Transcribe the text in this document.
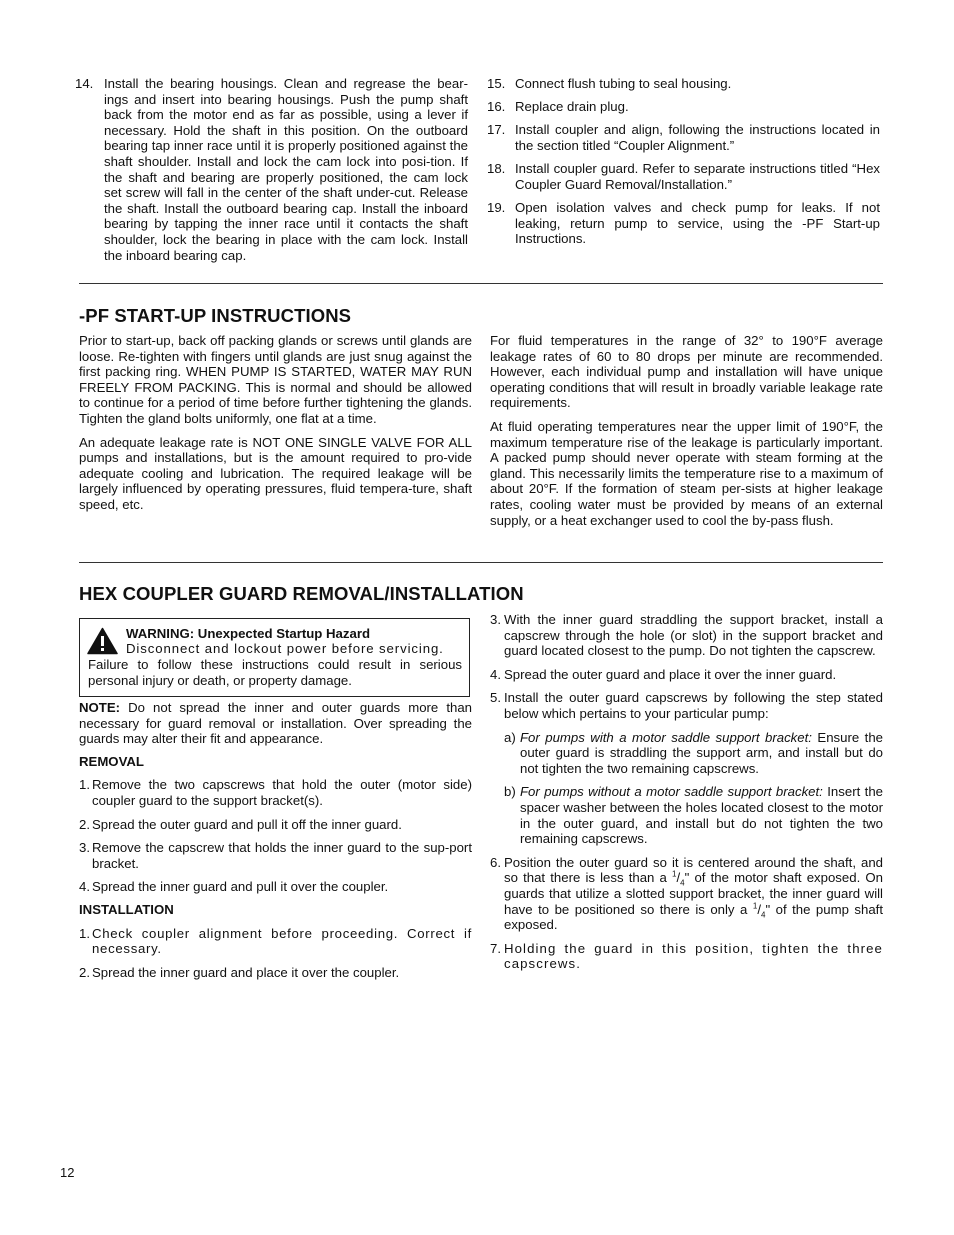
14. Install the bearing housings. Clean and regrease the bear-ings and insert into bearing housings. Push the pump shaft back from the motor end as far as possible, using a lever if necessary. Hold the shaft in this position. On the outboard bearing tap inner race until it is properly positioned against the shaft shoulder. Install and lock the cam lock into posi-tion. If the shaft and bearing are properly positioned, the cam lock set screw will fall in the center of the shaft under-cut. Release the shaft. Install the outboard bearing cap. Install the inboard bearing by tapping the inner race until it contacts the shaft shoulder, lock the bearing in place with the cam lock. Install the inboard bearing cap.

15. Connect flush tubing to seal housing.

16. Replace drain plug.

17. Install coupler and align, following the instructions located in the section titled “Coupler Alignment.”

18. Install coupler guard. Refer to separate instructions titled “Hex Coupler Guard Removal/Installation.”

19. Open isolation valves and check pump for leaks. If not leaking, return pump to service, using the -PF Start-up Instructions.

-PF START-UP INSTRUCTIONS

Prior to start-up, back off packing glands or screws until glands are loose. Re-tighten with fingers until glands are just snug against the first packing ring. WHEN PUMP IS STARTED, WATER MAY RUN FREELY FROM PACKING. This is normal and should be allowed to continue for a period of time before further tightening the glands. Tighten the gland bolts uniformly, one flat at a time.

An adequate leakage rate is NOT ONE SINGLE VALVE FOR ALL pumps and installations, but is the amount required to pro-vide adequate cooling and lubrication. The required leakage will be largely influenced by operating pressures, fluid tempera-ture, shaft speed, etc.

For fluid temperatures in the range of 32° to 190°F average leakage rates of 60 to 80 drops per minute are recommended. However, each individual pump and installation will have unique operating conditions that will result in broadly variable leakage rate requirements.

At fluid operating temperatures near the upper limit of 190°F, the maximum temperature rise of the leakage is particularly important. A packed pump should never operate with steam forming at the gland. This necessarily limits the temperature rise to a maximum of about 20°F. If the formation of steam per-sists at higher leakage rates, cooling water must be provided by means of an external supply, or a heat exchanger used to cool the by-pass flush.

HEX COUPLER GUARD REMOVAL/INSTALLATION
WARNING: Unexpected Startup Hazard
Disconnect and lockout power before servicing.
Failure to follow these instructions could result in serious personal injury or death, or property damage.

NOTE: Do not spread the inner and outer guards more than necessary for guard removal or installation. Over spreading the guards may alter their fit and appearance.

REMOVAL

1. Remove the two capscrews that hold the outer (motor side) coupler guard to the support bracket(s).

2. Spread the outer guard and pull it off the inner guard.

3. Remove the capscrew that holds the inner guard to the sup-port bracket.

4. Spread the inner guard and pull it over the coupler.

INSTALLATION

1. Check coupler alignment before proceeding. Correct if necessary.

2. Spread the inner guard and place it over the coupler.

3. With the inner guard straddling the support bracket, install a capscrew through the hole (or slot) in the support bracket and guard located closest to the pump. Do not tighten the capscrew.

4. Spread the outer guard and place it over the inner guard.

5. Install the outer guard capscrews by following the step stated below which pertains to your particular pump:

a) For pumps with a motor saddle support bracket: Ensure the outer guard is straddling the support arm, and install but do not tighten the two remaining capscrews.

b) For pumps without a motor saddle support bracket: Insert the spacer washer between the holes located closest to the motor in the outer guard, and install but do not tighten the two remaining capscrews.

6. Position the outer guard so it is centered around the shaft, and so that there is less than a $^1/_4$" of the motor shaft exposed. On guards that utilize a slotted support bracket, the inner guard will have to be positioned so there is only a $^1/_4$" of the pump shaft exposed.

7. Holding the guard in this position, tighten the three capscrews.

12
